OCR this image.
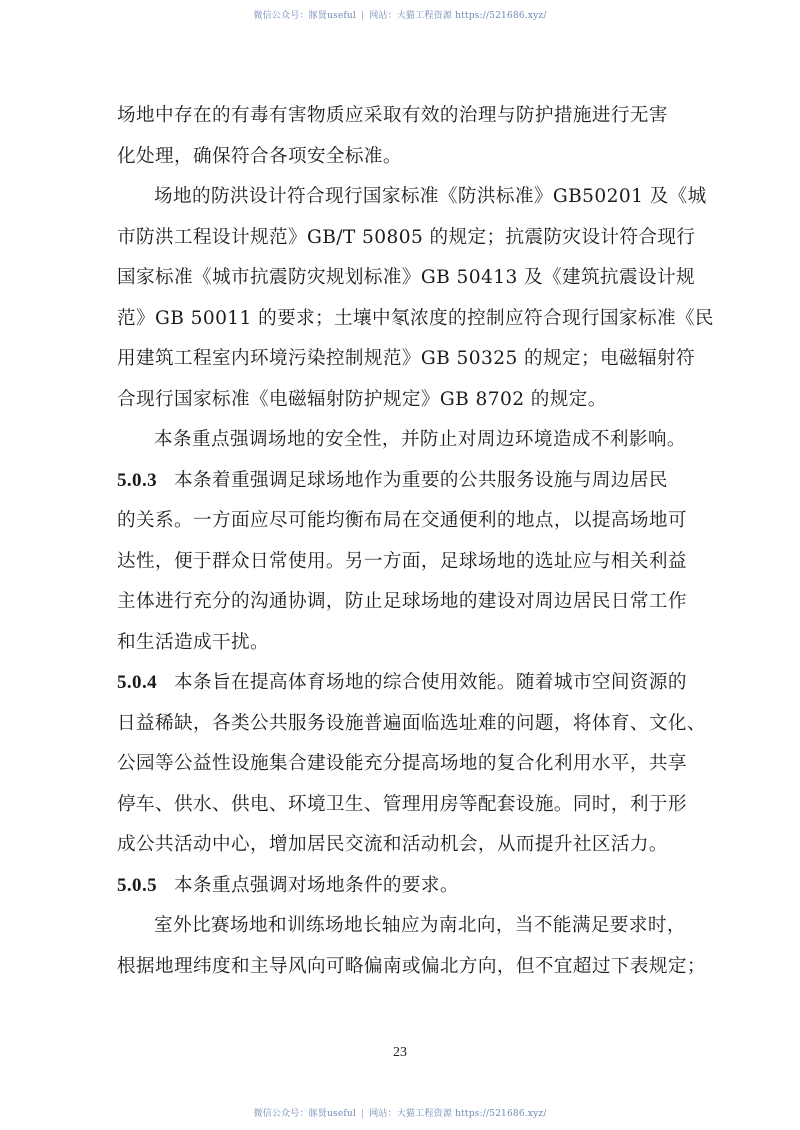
微信公众号：豚贤useful | 网站：大猫工程资源 https://521686.xyz/
场地中存在的有毒有害物质应采取有效的治理与防护措施进行无害
化处理，确保符合各项安全标准。
场地的防洪设计符合现行国家标准《防洪标准》GB50201 及《城
市防洪工程设计规范》GB/T 50805 的规定；抗震防灾设计符合现行
国家标准《城市抗震防灾规划标准》GB 50413 及《建筑抗震设计规
范》GB 50011 的要求；土壤中氡浓度的控制应符合现行国家标准《民
用建筑工程室内环境污染控制规范》GB 50325 的规定；电磁辐射符
合现行国家标准《电磁辐射防护规定》GB 8702 的规定。
本条重点强调场地的安全性，并防止对周边环境造成不利影响。
5.0.3 本条着重强调足球场地作为重要的公共服务设施与周边居民
的关系。一方面应尽可能均衡布局在交通便利的地点，以提高场地可
达性，便于群众日常使用。另一方面，足球场地的选址应与相关利益
主体进行充分的沟通协调，防止足球场地的建设对周边居民日常工作
和生活造成干扰。
5.0.4 本条旨在提高体育场地的综合使用效能。随着城市空间资源的
日益稀缺，各类公共服务设施普遍面临选址难的问题，将体育、文化、
公园等公益性设施集合建设能充分提高场地的复合化利用水平，共享
停车、供水、供电、环境卫生、管理用房等配套设施。同时，利于形
成公共活动中心，增加居民交流和活动机会，从而提升社区活力。
5.0.5 本条重点强调对场地条件的要求。
室外比赛场地和训练场地长轴应为南北向，当不能满足要求时，
根据地理纬度和主导风向可略偏南或偏北方向，但不宜超过下表规定；
23
微信公众号：豚贤useful | 网站：大猫工程资源 https://521686.xyz/
